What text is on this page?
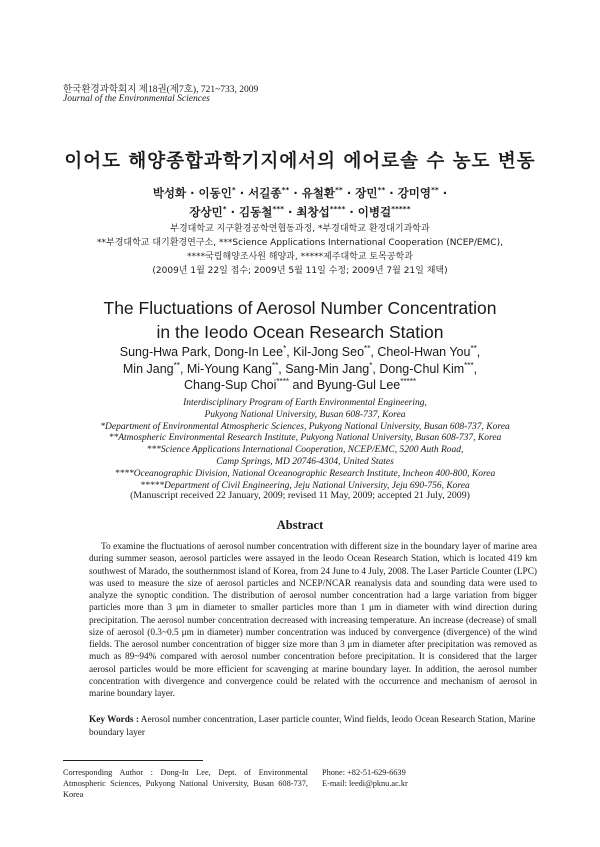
한국환경과학회지 제18권(제7호), 721~733, 2009
Journal of the Environmental Sciences
이어도 해양종합과학기지에서의 에어로솔 수 농도 변동
박성화 · 이동인* · 서길종** · 유철환** · 장민** · 강미영** ·
장상민* · 김동철*** · 최창섭**** · 이병걸*****
부경대학교 지구환경공학연협동과정, *부경대학교 환경대기과학과
**부경대학교 대기환경연구소, ***Science Applications International Cooperation (NCEP/EMC),
****국립해양조사원 해양과, *****제주대학교 토목공학과
(2009년 1월 22일 접수; 2009년 5월 11일 수정; 2009년 7월 21일 채택)
The Fluctuations of Aerosol Number Concentration
in the Ieodo Ocean Research Station
Sung-Hwa Park, Dong-In Lee*, Kil-Jong Seo**, Cheol-Hwan You**,
Min Jang**, Mi-Young Kang**, Sang-Min Jang*, Dong-Chul Kim***,
Chang-Sup Choi**** and Byung-Gul Lee*****
Interdisciplinary Program of Earth Environmental Engineering,
Pukyong National University, Busan 608-737, Korea
*Department of Environmental Atmospheric Sciences, Pukyong National University, Busan 608-737, Korea
**Atmospheric Environmental Research Institute, Pukyong National University, Busan 608-737, Korea
***Science Applications International Cooperation, NCEP/EMC, 5200 Auth Road,
Camp Springs, MD 20746-4304, United States
****Oceanographic Division, National Oceanographic Research Institute, Incheon 400-800, Korea
*****Department of Civil Engineering, Jeju National University, Jeju 690-756, Korea
(Manuscript received 22 January, 2009; revised 11 May, 2009; accepted 21 July, 2009)
Abstract
To examine the fluctuations of aerosol number concentration with different size in the boundary layer of marine area during summer season, aerosol particles were assayed in the Ieodo Ocean Research Station, which is located 419 km southwest of Marado, the southernmost island of Korea, from 24 June to 4 July, 2008. The Laser Particle Counter (LPC) was used to measure the size of aerosol particles and NCEP/NCAR reanalysis data and sounding data were used to analyze the synoptic condition. The distribution of aerosol number concentration had a large variation from bigger particles more than 3 μm in diameter to smaller particles more than 1 μm in diameter with wind direction during precipitation. The aerosol number concentration decreased with increasing temperature. An increase (decrease) of small size of aerosol (0.3~0.5 μm in diameter) number concentration was induced by convergence (divergence) of the wind fields. The aerosol number concentration of bigger size more than 3 μm in diameter after precipitation was removed as much as 89~94% compared with aerosol number concentration before precipitation. It is considered that the larger aerosol particles would be more efficient for scavenging at marine boundary layer. In addition, the aerosol number concentration with divergence and convergence could be related with the occurrence and mechanism of aerosol in marine boundary layer.
Key Words : Aerosol number concentration, Laser particle counter, Wind fields, Ieodo Ocean Research Station, Marine boundary layer
Corresponding Author : Dong-In Lee, Dept. of Environmental Atmospheric Sciences, Pukyong National University, Busan 608-737, Korea
Phone: +82-51-629-6639
E-mail: leedi@pknu.ac.kr
